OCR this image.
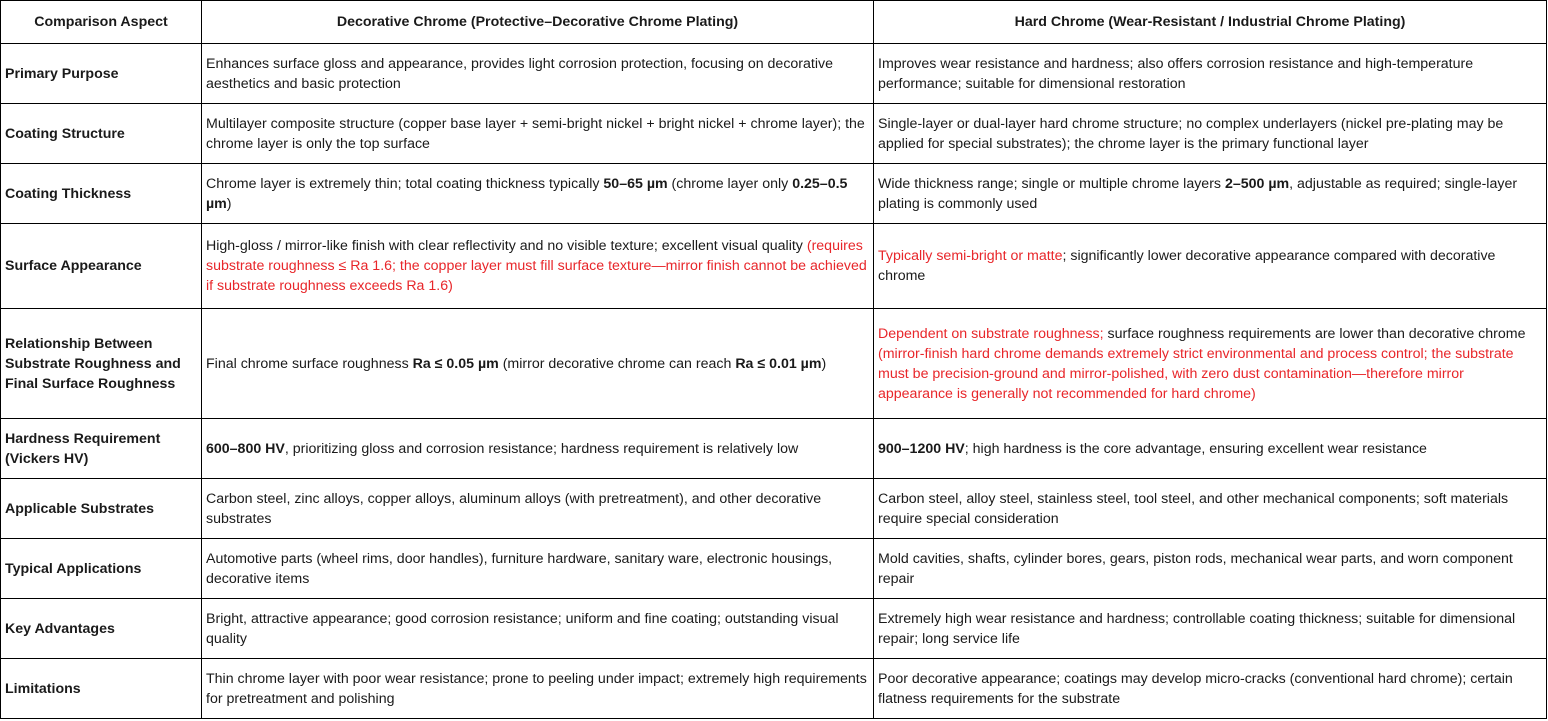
Comparison Aspect	Decorative Chrome (Protective–Decorative Chrome Plating)	Hard Chrome (Wear-Resistant / Industrial Chrome Plating)
Primary Purpose	Enhances surface gloss and appearance, provides light corrosion protection, focusing on decorative aesthetics and basic protection	Improves wear resistance and hardness; also offers corrosion resistance and high-temperature performance; suitable for dimensional restoration
Coating Structure	Multilayer composite structure (copper base layer + semi-bright nickel + bright nickel + chrome layer); the chrome layer is only the top surface	Single-layer or dual-layer hard chrome structure; no complex underlayers (nickel pre-plating may be applied for special substrates); the chrome layer is the primary functional layer
Coating Thickness	Chrome layer is extremely thin; total coating thickness typically 50–65 µm (chrome layer only 0.25–0.5 µm)	Wide thickness range; single or multiple chrome layers 2–500 µm, adjustable as required; single-layer plating is commonly used
Surface Appearance	High-gloss / mirror-like finish with clear reflectivity and no visible texture; excellent visual quality (requires substrate roughness ≤ Ra 1.6; the copper layer must fill surface texture—mirror finish cannot be achieved if substrate roughness exceeds Ra 1.6)	Typically semi-bright or matte; significantly lower decorative appearance compared with decorative chrome
Relationship Between Substrate Roughness and Final Surface Roughness	Final chrome surface roughness Ra ≤ 0.05 µm (mirror decorative chrome can reach Ra ≤ 0.01 µm)	Dependent on substrate roughness; surface roughness requirements are lower than decorative chrome (mirror-finish hard chrome demands extremely strict environmental and process control; the substrate must be precision-ground and mirror-polished, with zero dust contamination—therefore mirror appearance is generally not recommended for hard chrome)
Hardness Requirement (Vickers HV)	600–800 HV, prioritizing gloss and corrosion resistance; hardness requirement is relatively low	900–1200 HV; high hardness is the core advantage, ensuring excellent wear resistance
Applicable Substrates	Carbon steel, zinc alloys, copper alloys, aluminum alloys (with pretreatment), and other decorative substrates	Carbon steel, alloy steel, stainless steel, tool steel, and other mechanical components; soft materials require special consideration
Typical Applications	Automotive parts (wheel rims, door handles), furniture hardware, sanitary ware, electronic housings, decorative items	Mold cavities, shafts, cylinder bores, gears, piston rods, mechanical wear parts, and worn component repair
Key Advantages	Bright, attractive appearance; good corrosion resistance; uniform and fine coating; outstanding visual quality	Extremely high wear resistance and hardness; controllable coating thickness; suitable for dimensional repair; long service life
Limitations	Thin chrome layer with poor wear resistance; prone to peeling under impact; extremely high requirements for pretreatment and polishing	Poor decorative appearance; coatings may develop micro-cracks (conventional hard chrome); certain flatness requirements for the substrate
